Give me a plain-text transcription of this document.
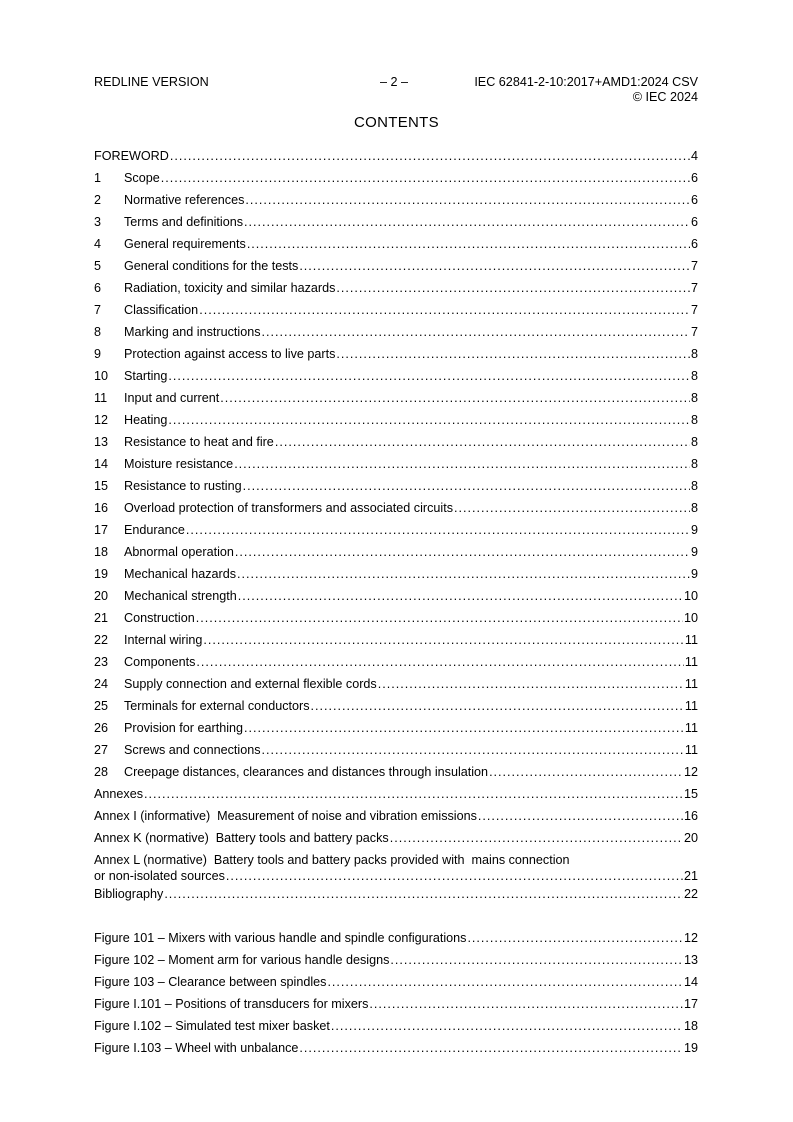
REDLINE VERSION	– 2 –	IEC 62841-2-10:2017+AMD1:2024 CSV
© IEC 2024
CONTENTS
FOREWORD .....	4
1	Scope .....	6
2	Normative references .....	6
3	Terms and definitions .....	6
4	General requirements .....	6
5	General conditions for the tests .....	7
6	Radiation, toxicity and similar hazards .....	7
7	Classification .....	7
8	Marking and instructions .....	7
9	Protection against access to live parts .....	8
10	Starting .....	8
11	Input and current .....	8
12	Heating .....	8
13	Resistance to heat and fire .....	8
14	Moisture resistance .....	8
15	Resistance to rusting .....	8
16	Overload protection of transformers and associated circuits .....	8
17	Endurance .....	9
18	Abnormal operation .....	9
19	Mechanical hazards .....	9
20	Mechanical strength .....	10
21	Construction .....	10
22	Internal wiring .....	11
23	Components .....	11
24	Supply connection and external flexible cords .....	11
25	Terminals for external conductors .....	11
26	Provision for earthing .....	11
27	Screws and connections .....	11
28	Creepage distances, clearances and distances through insulation .....	12
Annexes .....	15
Annex I (informative)  Measurement of noise and vibration emissions .....	16
Annex K (normative)  Battery tools and battery packs .....	20
Annex L (normative)  Battery tools and battery packs provided with  mains connection
or non-isolated sources .....	21
Bibliography .....	22
Figure 101 – Mixers with various handle and spindle configurations .....	12
Figure 102 – Moment arm for various handle designs .....	13
Figure 103 – Clearance between spindles .....	14
Figure I.101 – Positions of transducers for mixers .....	17
Figure I.102 – Simulated test mixer basket .....	18
Figure I.103 – Wheel with unbalance .....	19
